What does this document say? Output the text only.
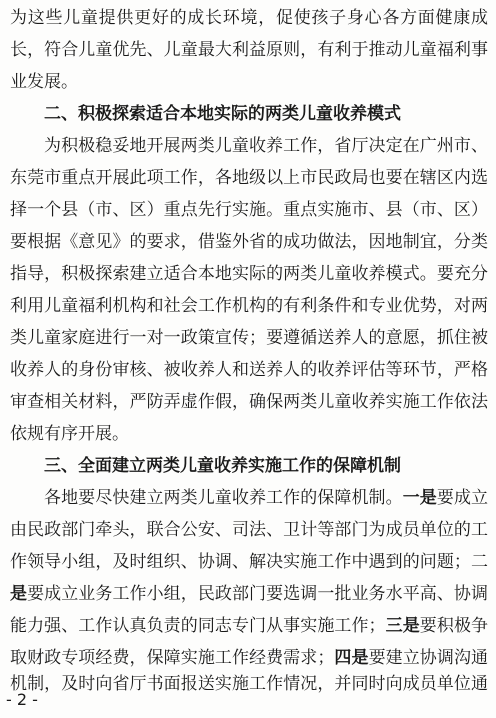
为这些儿童提供更好的成长环境，促使孩子身心各方面健康成
长，符合儿童优先、儿童最大利益原则，有利于推动儿童福利事
业发展。
二、积极探索适合本地实际的两类儿童收养模式
为积极稳妥地开展两类儿童收养工作，省厅决定在广州市、
东莞市重点开展此项工作，各地级以上市民政局也要在辖区内选
择一个县（市、区）重点先行实施。重点实施市、县（市、区）
要根据《意见》的要求，借鉴外省的成功做法，因地制宜，分类
指导，积极探索建立适合本地实际的两类儿童收养模式。要充分
利用儿童福利机构和社会工作机构的有利条件和专业优势，对两
类儿童家庭进行一对一政策宣传；要遵循送养人的意愿，抓住被
收养人的身份审核、被收养人和送养人的收养评估等环节，严格
审查相关材料，严防弄虚作假，确保两类儿童收养实施工作依法
依规有序开展。
三、全面建立两类儿童收养实施工作的保障机制
各地要尽快建立两类儿童收养工作的保障机制。一是要成立
由民政部门牵头，联合公安、司法、卫计等部门为成员单位的工
作领导小组，及时组织、协调、解决实施工作中遇到的问题；二
是要成立业务工作小组，民政部门要选调一批业务水平高、协调
能力强、工作认真负责的同志专门从事实施工作；三是要积极争
取财政专项经费，保障实施工作经费需求；四是要建立协调沟通
机制，及时向省厅书面报送实施工作情况，并同时向成员单位通
- 2 -
